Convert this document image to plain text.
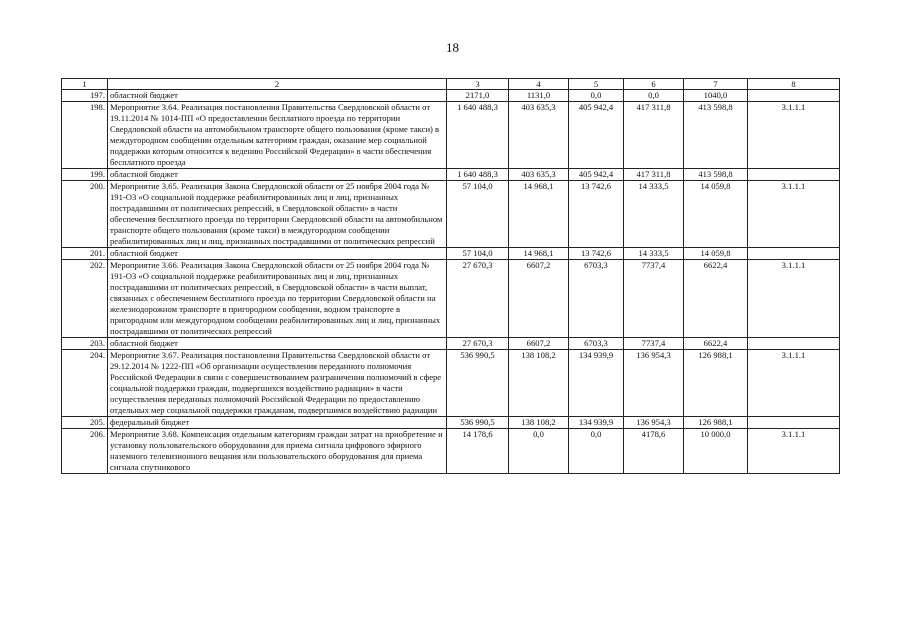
18
1	2	3	4	5	6	7	8
197.	областной бюджет	2171,0	1131,0	0,0	0,0	1040,0	
198.	Мероприятие 3.64. Реализация постановления Правительства Свердловской области от 19.11.2014 № 1014-ПП «О предоставлении бесплатного проезда по территории Свердловской области на автомобильном транспорте общего пользования (кроме такси) в междугородном сообщении отдельным категориям граждан, оказание мер социальной поддержки которым относится к ведению Российской Федерации» в части обеспечения бесплатного проезда	1 640 488,3	403 635,3	405 942,4	417 311,8	413 598,8	3.1.1.1
199.	областной бюджет	1 640 488,3	403 635,3	405 942,4	417 311,8	413 598,8	
200.	Мероприятие 3.65. Реализация Закона Свердловской области от 25 ноября 2004 года № 191-ОЗ «О социальной поддержке реабилитированных лиц и лиц, признанных пострадавшими от политических репрессий, в Свердловской области» в части обеспечения бесплатного проезда по территории Свердловской области на автомобильном транспорте общего пользования (кроме такси) в междугородном сообщении реабилитированных лиц и лиц, признанных пострадавшими от политических репрессий	57 104,0	14 968,1	13 742,6	14 333,5	14 059,8	3.1.1.1
201.	областной бюджет	57 104,0	14 968,1	13 742,6	14 333,5	14 059,8	
202.	Мероприятие 3.66. Реализация Закона Свердловской области от 25 ноября 2004 года № 191-ОЗ «О социальной поддержке реабилитированных лиц и лиц, признанных пострадавшими от политических репрессий, в Свердловской области» в части выплат, связанных с обеспечением бесплатного проезда по территории Свердловской области на железнодорожном транспорте в пригородном сообщении, водном транспорте в пригородном или междугородном сообщении реабилитированных лиц и лиц, признанных пострадавшими от политических репрессий	27 670,3	6607,2	6703,3	7737,4	6622,4	3.1.1.1
203.	областной бюджет	27 670,3	6607,2	6703,3	7737,4	6622,4	
204.	Мероприятие 3.67. Реализация постановления Правительства Свердловской области от 29.12.2014 № 1222-ПП «Об организации осуществления переданного полномочия Российской Федерации в связи с совершенствованием разграничения полномочий в сфере социальной поддержки граждан, подвергшихся воздействию радиации» в части осуществления переданных полномочий Российской Федерации по предоставлению отдельных мер социальной поддержки гражданам, подвергшимся воздействию радиации	536 990,5	138 108,2	134 939,9	136 954,3	126 988,1	3.1.1.1
205.	федеральный бюджет	536 990,5	138 108,2	134 939,9	136 954,3	126 988,1	
206.	Мероприятие 3.68. Компенсация отдельным категориям граждан затрат на приобретение и установку пользовательского оборудования для приема сигнала цифрового эфирного наземного телевизионного вещания или пользовательского оборудования для приема сигнала спутникового	14 178,6	0,0	0,0	4178,6	10 000,0	3.1.1.1
